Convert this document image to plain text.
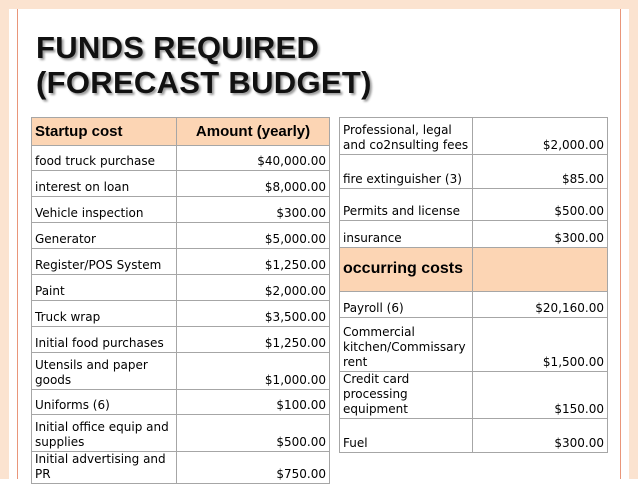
FUNDS REQUIRED (FORECAST BUDGET)
Startup cost	Amount (yearly)
food truck purchase	$40,000.00
interest on loan	$8,000.00
Vehicle inspection	$300.00
Generator	$5,000.00
Register/POS System	$1,250.00
Paint	$2,000.00
Truck wrap	$3,500.00
Initial food purchases	$1,250.00
Utensils and paper goods	$1,000.00
Uniforms (6)	$100.00
Initial office equip and supplies	$500.00
Initial advertising and PR	$750.00
Professional, legal and co2nsulting fees	$2,000.00
fire extinguisher (3)	$85.00
Permits and license	$500.00
insurance	$300.00
occurring costs	
Payroll (6)	$20,160.00
Commercial kitchen/Commissary rent	$1,500.00
Credit card processing equipment	$150.00
Fuel	$300.00
